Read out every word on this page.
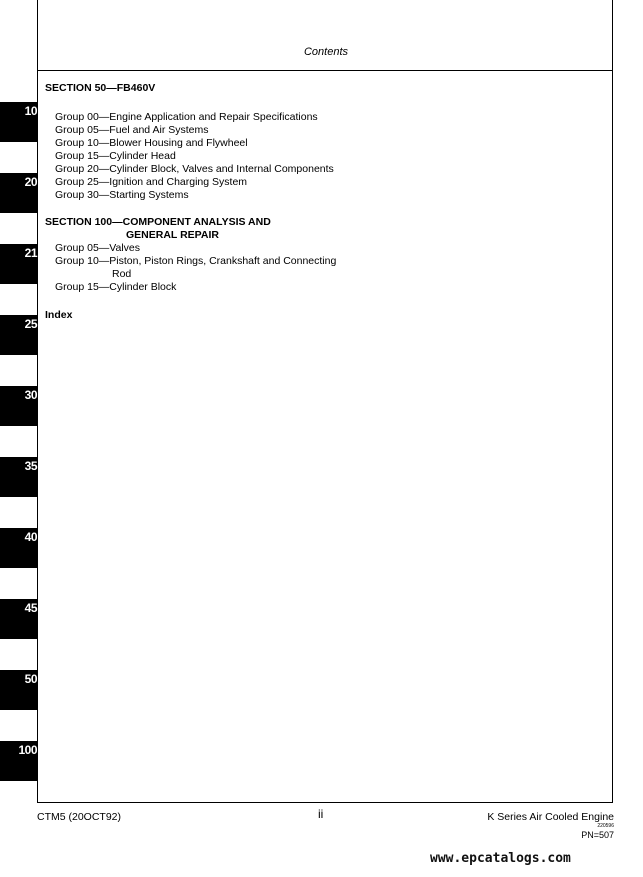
Contents
10
20
21
25
30
35
40
45
50
100
SECTION 50—FB460V
Group 00—Engine Application and Repair Specifications
Group 05—Fuel and Air Systems
Group 10—Blower Housing and Flywheel
Group 15—Cylinder Head
Group 20—Cylinder Block, Valves and Internal Components
Group 25—Ignition and Charging System
Group 30—Starting Systems
SECTION 100—COMPONENT ANALYSIS AND
GENERAL REPAIR
Group 05—Valves
Group 10—Piston, Piston Rings, Crankshaft and Connecting Rod
Group 15—Cylinder Block
Index
CTM5 (20OCT92)	ii	K Series Air Cooled Engine
220596
PN=507
www.epcatalogs.com
